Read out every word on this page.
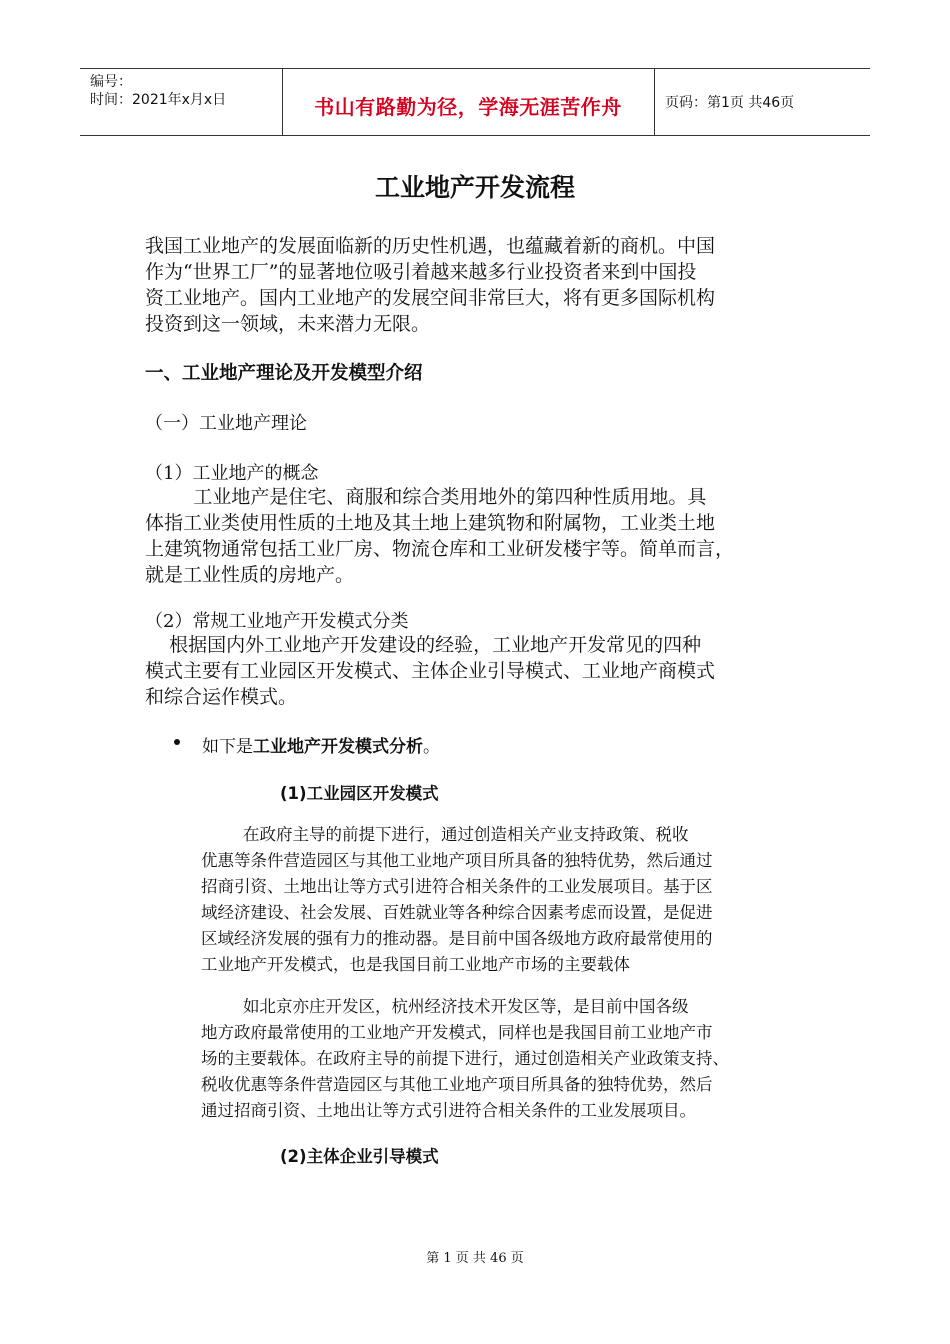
编号：
时间：2021年x月x日	书山有路勤为径，学海无涯苦作舟	页码：第1页 共46页
工业地产开发流程
我国工业地产的发展面临新的历史性机遇，也蕴藏着新的商机。中国
作为“世界工厂”的显著地位吸引着越来越多行业投资者来到中国投
资工业地产。国内工业地产的发展空间非常巨大，将有更多国际机构
投资到这一领域，未来潜力无限。
一、工业地产理论及开发模型介绍
（一）工业地产理论
（1）工业地产的概念
工业地产是住宅、商服和综合类用地外的第四种性质用地。具
体指工业类使用性质的土地及其土地上建筑物和附属物，工业类土地
上建筑物通常包括工业厂房、物流仓库和工业研发楼宇等。简单而言，
就是工业性质的房地产。
（2）常规工业地产开发模式分类
根据国内外工业地产开发建设的经验，工业地产开发常见的四种
模式主要有工业园区开发模式、主体企业引导模式、工业地产商模式
和综合运作模式。
如下是工业地产开发模式分析。
(1)工业园区开发模式
在政府主导的前提下进行，通过创造相关产业支持政策、税收
优惠等条件营造园区与其他工业地产项目所具备的独特优势，然后通过
招商引资、土地出让等方式引进符合相关条件的工业发展项目。基于区
域经济建设、社会发展、百姓就业等各种综合因素考虑而设置，是促进
区域经济发展的强有力的推动器。是目前中国各级地方政府最常使用的
工业地产开发模式，也是我国目前工业地产市场的主要载体
如北京亦庄开发区，杭州经济技术开发区等，是目前中国各级
地方政府最常使用的工业地产开发模式，同样也是我国目前工业地产市
场的主要载体。在政府主导的前提下进行，通过创造相关产业政策支持、
税收优惠等条件营造园区与其他工业地产项目所具备的独特优势，然后
通过招商引资、土地出让等方式引进符合相关条件的工业发展项目。
(2)主体企业引导模式
第 1 页 共 46 页
